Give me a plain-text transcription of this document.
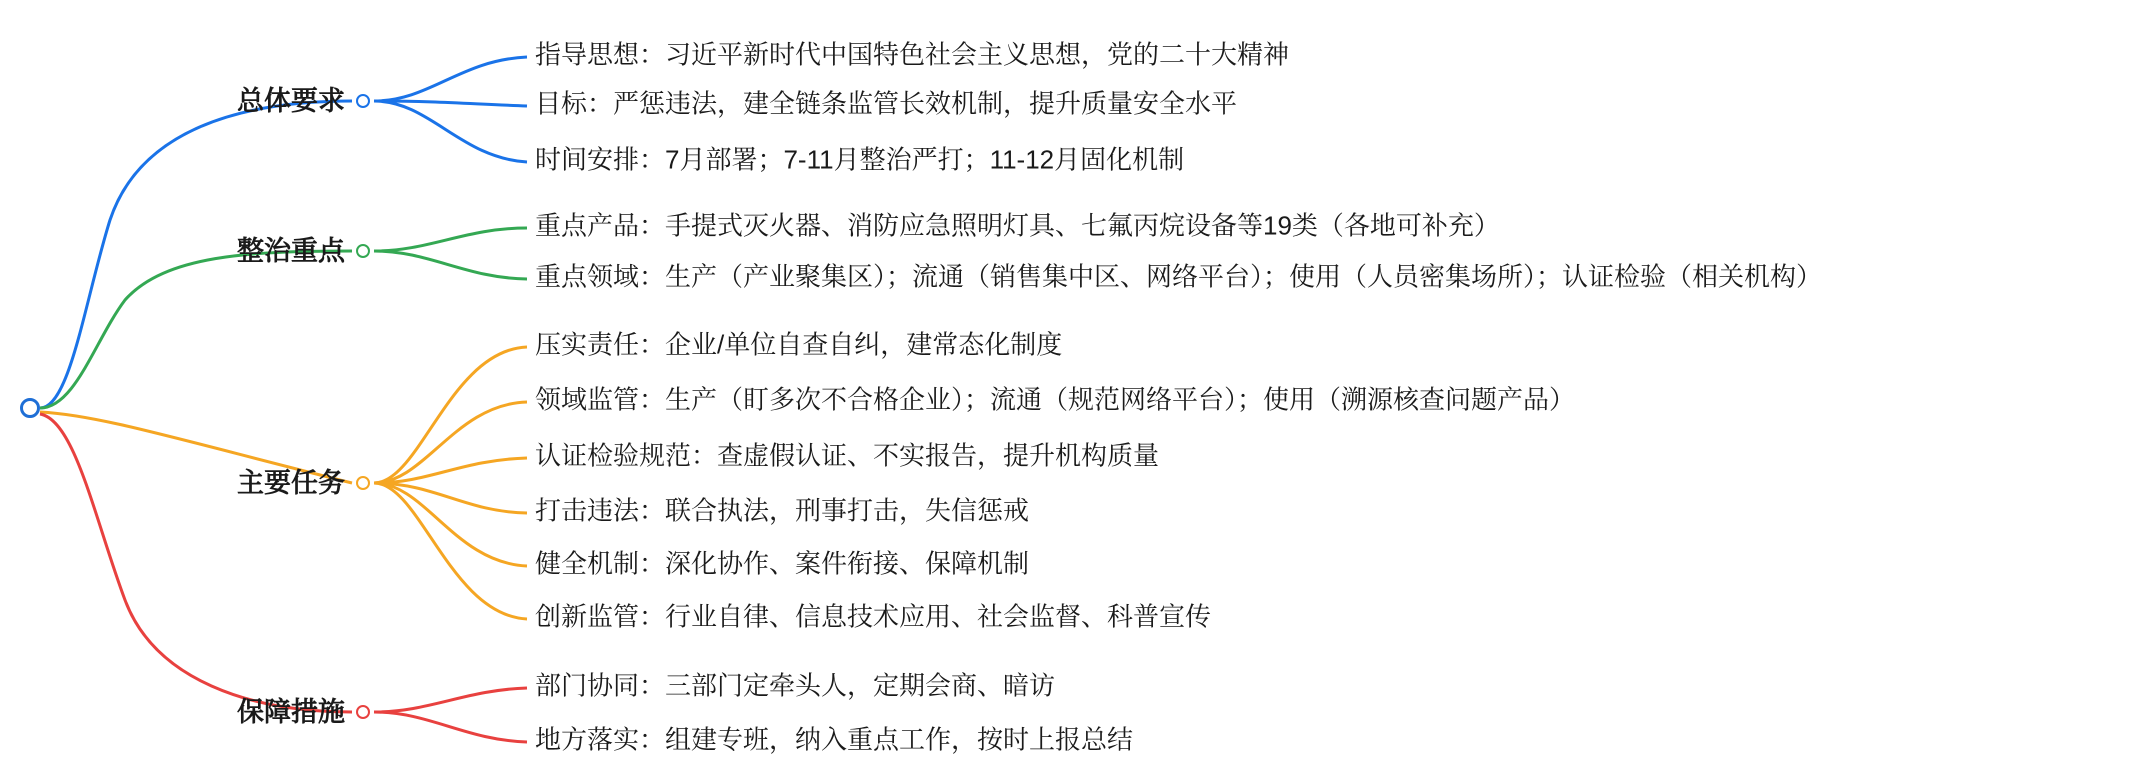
总体要求
指导思想：习近平新时代中国特色社会主义思想，党的二十大精神
目标：严惩违法，建全链条监管长效机制，提升质量安全水平
时间安排：7月部署；7-11月整治严打；11-12月固化机制
整治重点
重点产品：手提式灭火器、消防应急照明灯具、七氟丙烷设备等19类（各地可补充）
重点领域：生产（产业聚集区）；流通（销售集中区、网络平台）；使用（人员密集场所）；认证检验（相关机构）
主要任务
压实责任：企业/单位自查自纠，建常态化制度
领域监管：生产（盯多次不合格企业）；流通（规范网络平台）；使用（溯源核查问题产品）
认证检验规范：查虚假认证、不实报告，提升机构质量
打击违法：联合执法，刑事打击，失信惩戒
健全机制：深化协作、案件衔接、保障机制
创新监管：行业自律、信息技术应用、社会监督、科普宣传
保障措施
部门协同：三部门定牵头人，定期会商、暗访
地方落实：组建专班，纳入重点工作，按时上报总结
